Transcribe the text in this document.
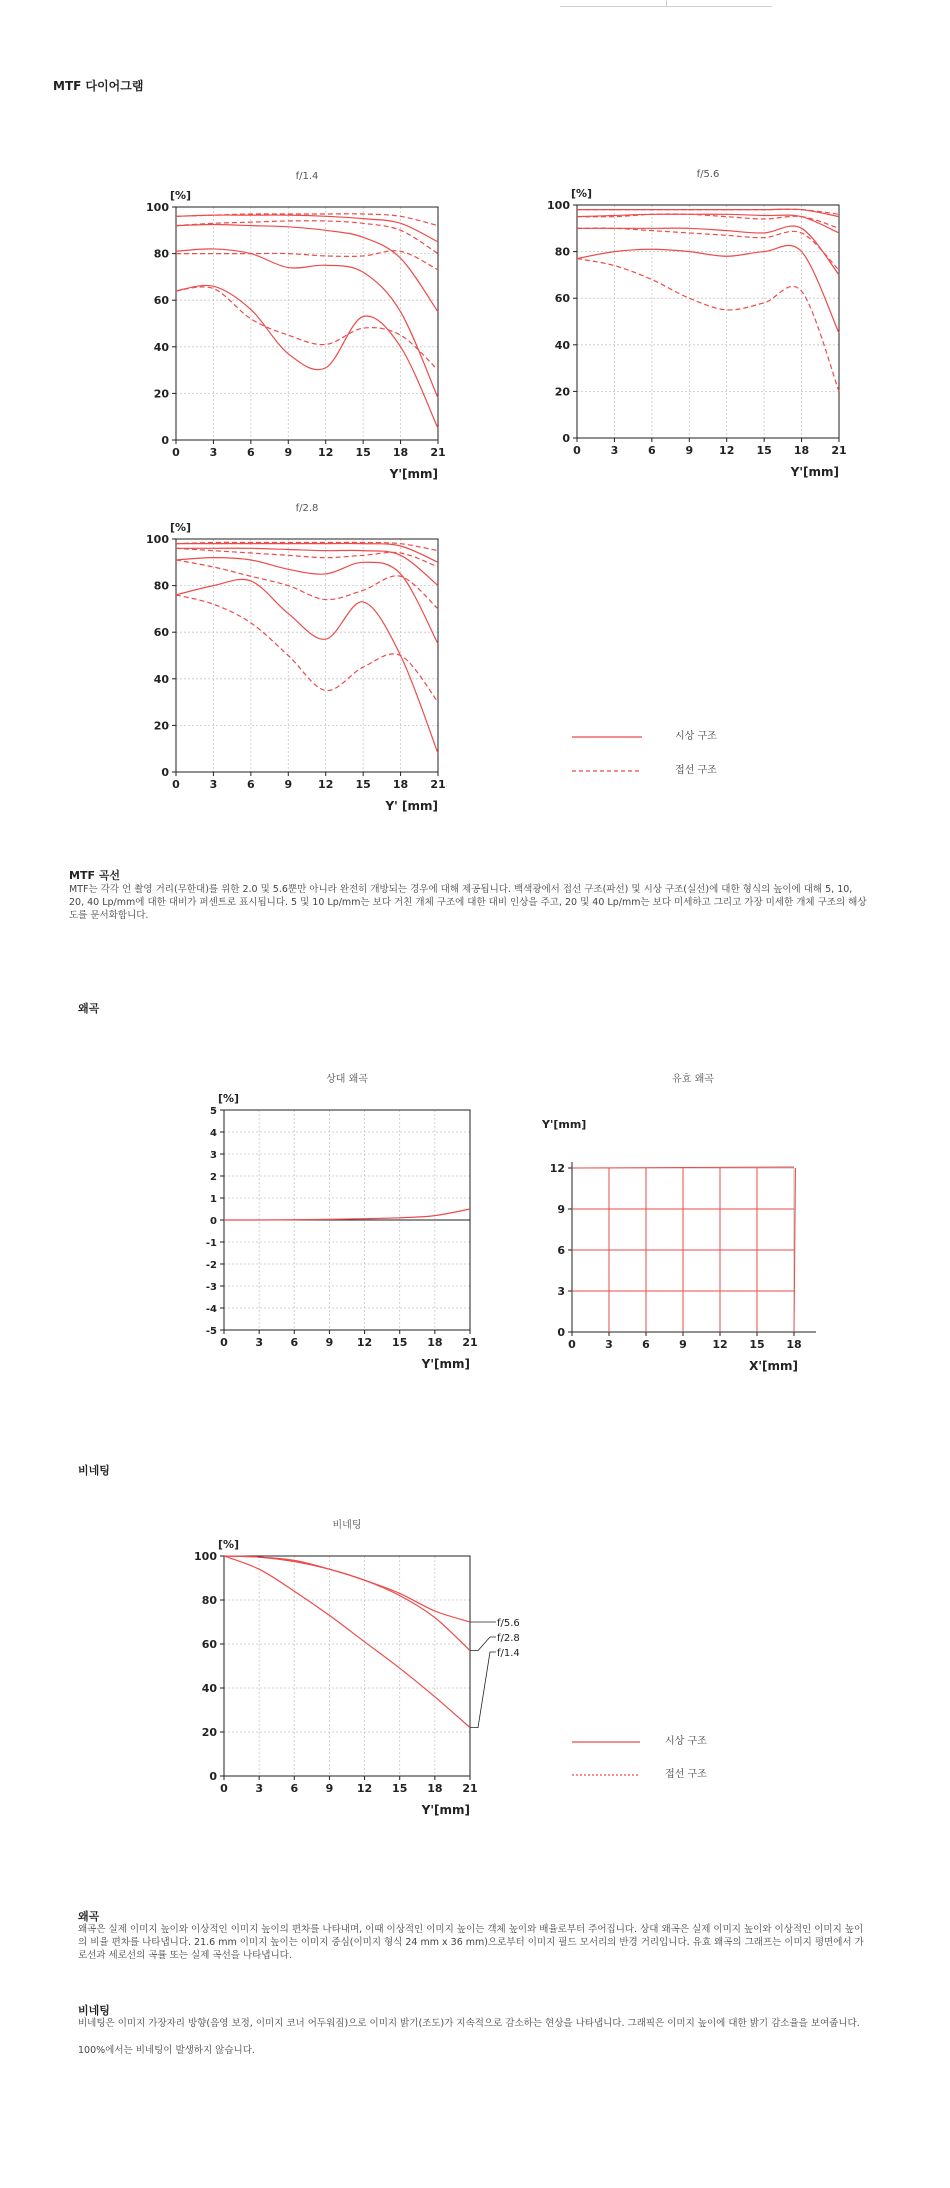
MTF 다이어그램
f/1.4
0	3	6	9 12 15 18 21
0
20
40
60
80
100
[%]
Y'[mm]
f/5.6
0	3	6	9 12 15 18 21
0
20
40
60
80
100
[%]
Y'[mm]
f/2.8
0	3	6	9 12 15 18 21
0
20
40
60
80
100
[%]
Y' [mm]
시상 구조
접선 구조
MTF 곡선
MTF는 각각 언 촬영 거리(무한대)를 위한 2.0 및 5.6뿐만 아니라 완전히 개방되는 경우에 대해 제공됩니다. 백색광에서 접선 구조(파선) 및 시상 구조(실선)에 대한 형식의 높이에 대해 5, 10, 20, 40 Lp/mm에 대한 대비가 퍼센트로 표시됩니다. 5 및 10 Lp/mm는 보다 거친 개체 구조에 대한 대비 인상을 주고, 20 및 40 Lp/mm는 보다 미세하고 그리고 가장 미세한 개체 구조의 해상도를 문서화합니다.
왜곡
상대 왜곡
0 3 6 9 12 15 18 21
5
4
3
2
1
0
-1
-2
-3
-4
-5
[%]
Y'[mm]
유효 왜곡
Y'[mm]
0	3	6	9 12 15 18
0
3
6
9
12
X'[mm]
비네팅
비네팅
0 3 6 9 12 15 18 21
0
20
40
60
80
100
[%]
Y'[mm]
f/5.6
f/2.8
f/1.4
시상 구조
접선 구조
왜곡
왜곡은 실제 이미지 높이와 이상적인 이미지 높이의 편차를 나타내며, 이때 이상적인 이미지 높이는 객체 높이와 배율로부터 주어집니다. 상대 왜곡은 실제 이미지 높이와 이상적인 이미지 높이의 비율 편차를 나타냅니다. 21.6 mm 이미지 높이는 이미지 중심(이미지 형식 24 mm x 36 mm)으로부터 이미지 필드 모서리의 반경 거리입니다. 유효 왜곡의 그래프는 이미지 평면에서 가로선과 세로선의 곡률 또는 실제 곡선을 나타냅니다.
비네팅
비네팅은 이미지 가장자리 방향(음영 보정, 이미지 코너 어두워짐)으로 이미지 밝기(조도)가 지속적으로 감소하는 현상을 나타냅니다. 그래픽은 이미지 높이에 대한 밝기 감소율을 보여줍니다.
100%에서는 비네팅이 발생하지 않습니다.
